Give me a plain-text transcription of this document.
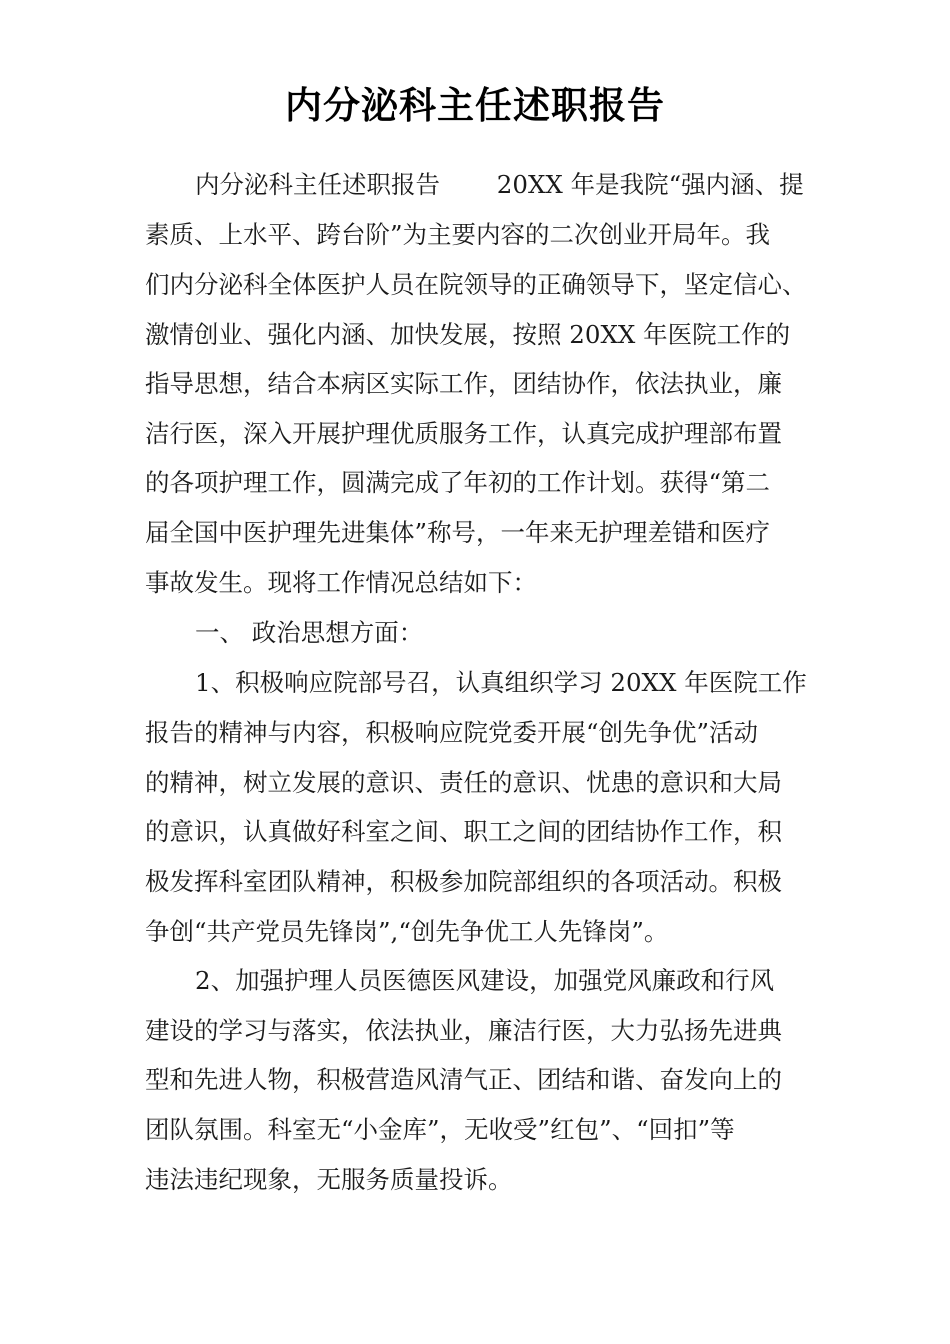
内分泌科主任述职报告
内分泌科主任述职报告　　 20XX 年是我院“强内涵、提
素质、上水平、跨台阶”为主要内容的二次创业开局年。我
们内分泌科全体医护人员在院领导的正确领导下，坚定信心、
激情创业、强化内涵、加快发展，按照 20XX 年医院工作的
指导思想，结合本病区实际工作，团结协作，依法执业，廉
洁行医，深入开展护理优质服务工作，认真完成护理部布置
的各项护理工作，圆满完成了年初的工作计划。获得“第二
届全国中医护理先进集体”称号，一年来无护理差错和医疗
事故发生。现将工作情况总结如下：
一、 政治思想方面：
1、积极响应院部号召，认真组织学习 20XX 年医院工作
报告的精神与内容，积极响应院党委开展“创先争优”活动
的精神，树立发展的意识、责任的意识、忧患的意识和大局
的意识，认真做好科室之间、职工之间的团结协作工作，积
极发挥科室团队精神，积极参加院部组织的各项活动。积极
争创“共产党员先锋岗”,“创先争优工人先锋岗”。
2、加强护理人员医德医风建设，加强党风廉政和行风
建设的学习与落实，依法执业，廉洁行医，大力弘扬先进典
型和先进人物，积极营造风清气正、团结和谐、奋发向上的
团队氛围。科室无“小金库”，无收受”红包”、“回扣”等
违法违纪现象，无服务质量投诉。
